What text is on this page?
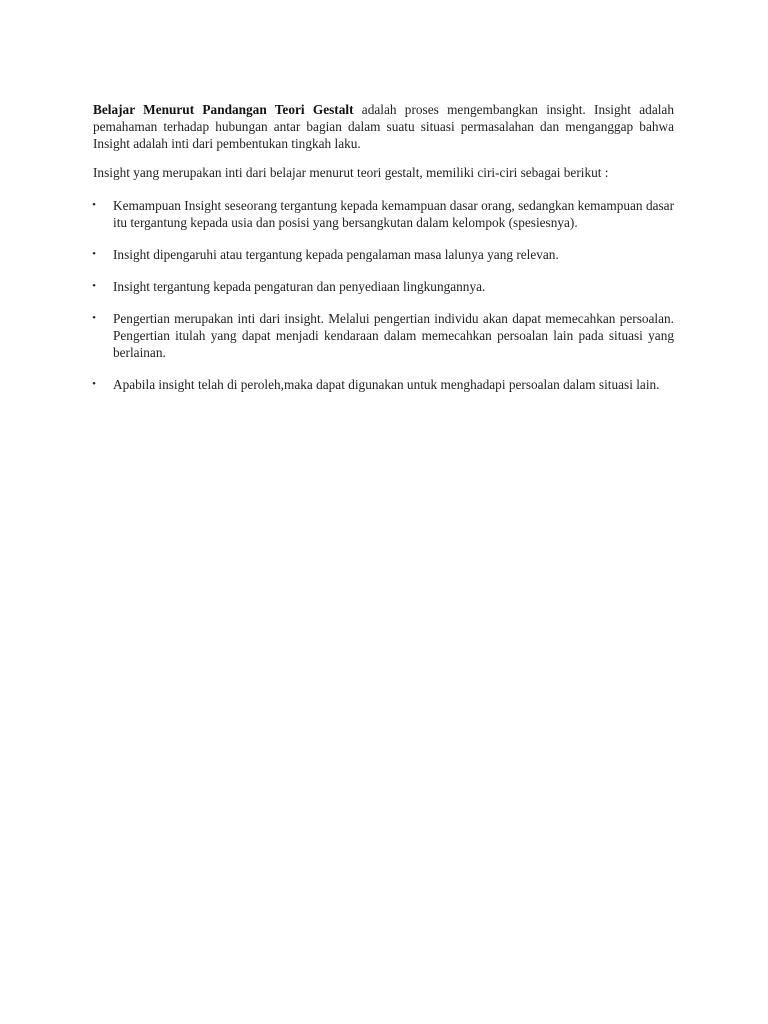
Belajar Menurut Pandangan Teori Gestalt adalah proses mengembangkan insight. Insight adalah pemahaman terhadap hubungan antar bagian dalam suatu situasi permasalahan dan menganggap bahwa Insight adalah inti dari pembentukan tingkah laku.

Insight yang merupakan inti dari belajar menurut teori gestalt, memiliki ciri-ciri sebagai berikut :

• Kemampuan Insight seseorang tergantung kepada kemampuan dasar orang, sedangkan kemampuan dasar itu tergantung kepada usia dan posisi yang bersangkutan dalam kelompok (spesiesnya).
• Insight dipengaruhi atau tergantung kepada pengalaman masa lalunya yang relevan.
• Insight tergantung kepada pengaturan dan penyediaan lingkungannya.
• Pengertian merupakan inti dari insight. Melalui pengertian individu akan dapat memecahkan persoalan. Pengertian itulah yang dapat menjadi kendaraan dalam memecahkan persoalan lain pada situasi yang berlainan.
• Apabila insight telah di peroleh,maka dapat digunakan untuk menghadapi persoalan dalam situasi lain.
